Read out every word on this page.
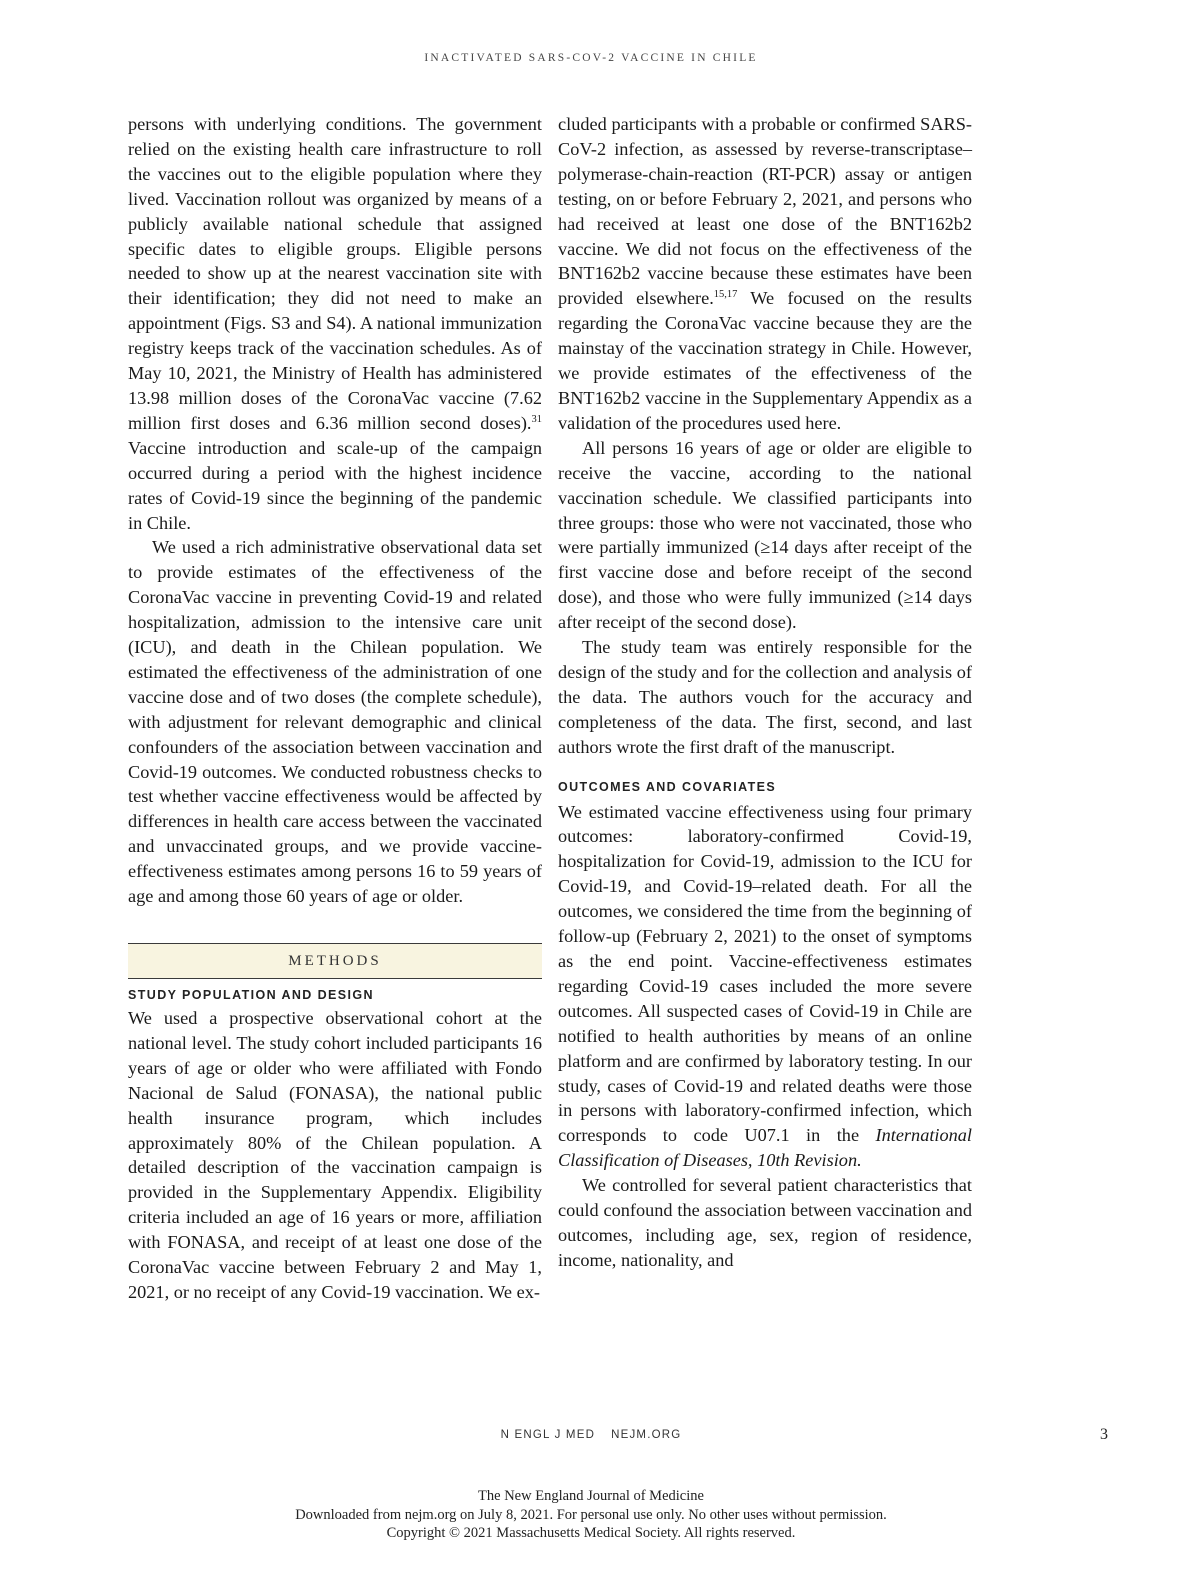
INACTIVATED SARS-COV-2 VACCINE IN CHILE

persons with underlying conditions. The government relied on the existing health care infrastructure to roll the vaccines out to the eligible population where they lived. Vaccination rollout was organized by means of a publicly available national schedule that assigned specific dates to eligible groups. Eligible persons needed to show up at the nearest vaccination site with their identification; they did not need to make an appointment (Figs. S3 and S4). A national immunization registry keeps track of the vaccination schedules. As of May 10, 2021, the Ministry of Health has administered 13.98 million doses of the CoronaVac vaccine (7.62 million first doses and 6.36 million second doses).$^{31}$ Vaccine introduction and scale-up of the campaign occurred during a period with the highest incidence rates of Covid-19 since the beginning of the pandemic in Chile.

We used a rich administrative observational data set to provide estimates of the effectiveness of the CoronaVac vaccine in preventing Covid-19 and related hospitalization, admission to the intensive care unit (ICU), and death in the Chilean population. We estimated the effectiveness of the administration of one vaccine dose and of two doses (the complete schedule), with adjustment for relevant demographic and clinical confounders of the association between vaccination and Covid-19 outcomes. We conducted robustness checks to test whether vaccine effectiveness would be affected by differences in health care access between the vaccinated and unvaccinated groups, and we provide vaccine-effectiveness estimates among persons 16 to 59 years of age and among those 60 years of age or older.

METHODS
STUDY POPULATION AND DESIGN

We used a prospective observational cohort at the national level. The study cohort included participants 16 years of age or older who were affiliated with Fondo Nacional de Salud (FONASA), the national public health insurance program, which includes approximately 80% of the Chilean population. A detailed description of the vaccination campaign is provided in the Supplementary Appendix. Eligibility criteria included an age of 16 years or more, affiliation with FONASA, and receipt of at least one dose of the CoronaVac vaccine between February 2 and May 1, 2021, or no receipt of any Covid-19 vaccination. We ex-

cluded participants with a probable or confirmed SARS-CoV-2 infection, as assessed by reverse-transcriptase–polymerase-chain-reaction (RT-PCR) assay or antigen testing, on or before February 2, 2021, and persons who had received at least one dose of the BNT162b2 vaccine. We did not focus on the effectiveness of the BNT162b2 vaccine because these estimates have been provided elsewhere.$^{15,17}$ We focused on the results regarding the CoronaVac vaccine because they are the mainstay of the vaccination strategy in Chile. However, we provide estimates of the effectiveness of the BNT162b2 vaccine in the Supplementary Appendix as a validation of the procedures used here.

All persons 16 years of age or older are eligible to receive the vaccine, according to the national vaccination schedule. We classified participants into three groups: those who were not vaccinated, those who were partially immunized (≥14 days after receipt of the first vaccine dose and before receipt of the second dose), and those who were fully immunized (≥14 days after receipt of the second dose).

The study team was entirely responsible for the design of the study and for the collection and analysis of the data. The authors vouch for the accuracy and completeness of the data. The first, second, and last authors wrote the first draft of the manuscript.

OUTCOMES AND COVARIATES

We estimated vaccine effectiveness using four primary outcomes: laboratory-confirmed Covid-19, hospitalization for Covid-19, admission to the ICU for Covid-19, and Covid-19–related death. For all the outcomes, we considered the time from the beginning of follow-up (February 2, 2021) to the onset of symptoms as the end point. Vaccine-effectiveness estimates regarding Covid-19 cases included the more severe outcomes. All suspected cases of Covid-19 in Chile are notified to health authorities by means of an online platform and are confirmed by laboratory testing. In our study, cases of Covid-19 and related deaths were those in persons with laboratory-confirmed infection, which corresponds to code U07.1 in the International Classification of Diseases, 10th Revision.

We controlled for several patient characteristics that could confound the association between vaccination and outcomes, including age, sex, region of residence, income, nationality, and

N ENGL J MED NEJM.ORG	3
The New England Journal of Medicine
Downloaded from nejm.org on July 8, 2021. For personal use only. No other uses without permission.
Copyright © 2021 Massachusetts Medical Society. All rights reserved.
